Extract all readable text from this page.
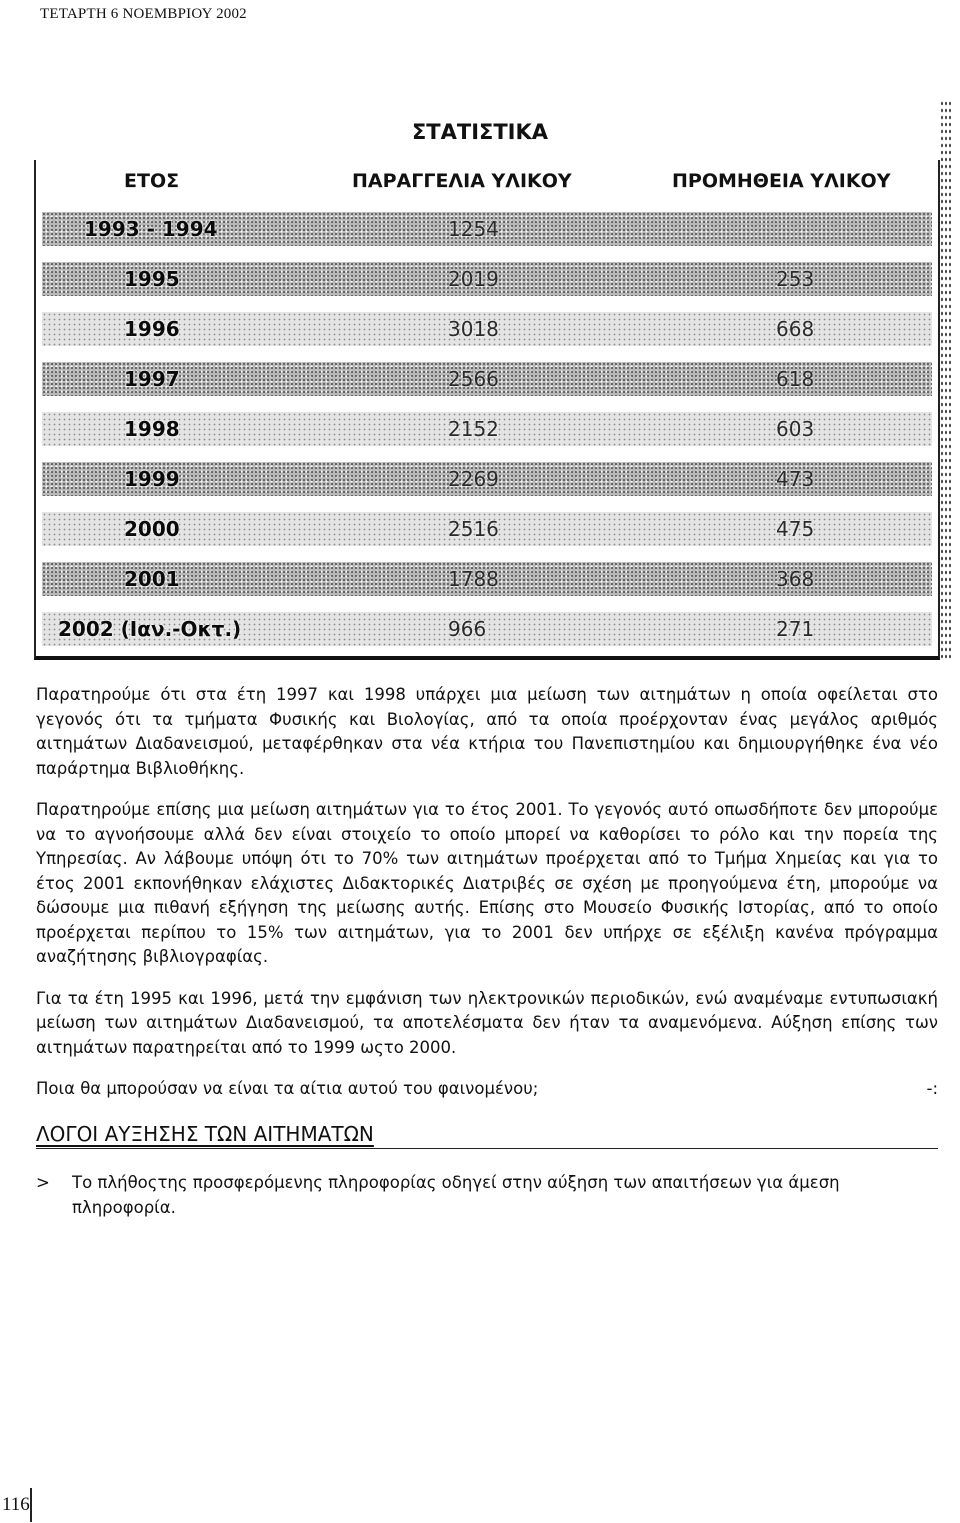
ΤΕΤΑΡΤΗ 6 ΝΟΕΜΒΡΙΟΥ 2002
ΣΤΑΤΙΣΤΙΚΑ
ΕΤΟΣ	ΠΑΡΑΓΓΕΛΙΑ ΥΛΙΚΟΥ	ΠΡΟΜΗΘΕΙΑ ΥΛΙΚΟΥ
1993 - 1994	1254
1995	2019	253
1996	3018	668
1997	2566	618
1998	2152	603
1999	2269	473
2000	2516	475
2001	1788	368
2002 (Ιαν.-Οκτ.)	966	271

Παρατηρούμε ότι στα έτη 1997 και 1998 υπάρχει μια μείωση των αιτημάτων η οποία οφείλεται στο γεγονός ότι τα τμήματα Φυσικής και Βιολογίας, από τα οποία προέρχονταν ένας μεγάλος αριθμός αιτημάτων Διαδανεισμού, μεταφέρθηκαν στα νέα κτήρια του Πανεπιστημίου και δημιουργήθηκε ένα νέο παράρτημα Βιβλιοθήκης.

Παρατηρούμε επίσης μια μείωση αιτημάτων για το έτος 2001. Το γεγονός αυτό οπωσδήποτε δεν μπορούμε να το αγνοήσουμε αλλά δεν είναι στοιχείο το οποίο μπορεί να καθορίσει το ρόλο και την πορεία της Υπηρεσίας. Αν λάβουμε υπόψη ότι το 70% των αιτημάτων προέρχεται από το Τμήμα Χημείας και για το έτος 2001 εκπονήθηκαν ελάχιστες Διδακτορικές Διατριβές σε σχέση με προηγούμενα έτη, μπορούμε να δώσουμε μια πιθανή εξήγηση της μείωσης αυτής. Επίσης στο Μουσείο Φυσικής Ιστορίας, από το οποίο προέρχεται περίπου το 15% των αιτημάτων, για το 2001 δεν υπήρχε σε εξέλιξη κανένα πρόγραμμα αναζήτησης βιβλιογραφίας.

Για τα έτη 1995 και 1996, μετά την εμφάνιση των ηλεκτρονικών περιοδικών, ενώ αναμέναμε εντυπωσιακή μείωση των αιτημάτων Διαδανεισμού, τα αποτελέσματα δεν ήταν τα αναμενόμενα. Αύξηση επίσης των αιτημάτων παρατηρείται από το 1999 ωςτο 2000.

Ποια θα μπορούσαν να είναι τα αίτια αυτού του φαινομένου;	-:

ΛΟΓΟΙ ΑΥΞΗΣΗΣ ΤΩΝ ΑΙΤΗΜΑΤΩΝ

>	Το πλήθοςτης προσφερόμενης πληροφορίας οδηγεί στην αύξηση των απαιτήσεων για άμεση πληροφορία.

116
